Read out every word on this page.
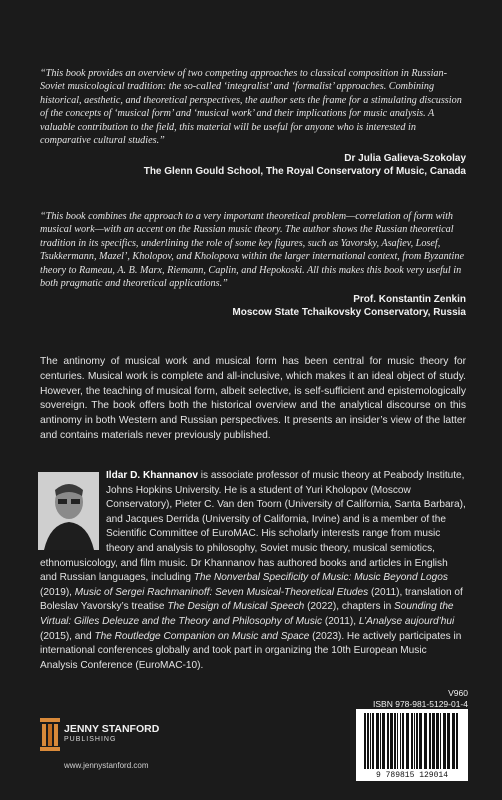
“This book provides an overview of two competing approaches to classical composition in Russian-Soviet musicological tradition: the so-called ‘integralist’ and ‘formalist’ approaches. Combining historical, aesthetic, and theoretical perspectives, the author sets the frame for a stimulating discussion of the concepts of ‘musical form’ and ‘musical work’ and their implications for music analysis. A valuable contribution to the field, this material will be useful for anyone who is interested in comparative cultural studies.”
Dr Julia Galieva-Szokolay
The Glenn Gould School, The Royal Conservatory of Music, Canada
“This book combines the approach to a very important theoretical problem—correlation of form with musical work—with an accent on the Russian music theory. The author shows the Russian theoretical tradition in its specifics, underlining the role of some key figures, such as Yavorsky, Asafiev, Losef, Tsukkermann, Mazel’, Kholopov, and Kholopova within the larger international context, from Byzantine theory to Rameau, A. B. Marx, Riemann, Caplin, and Hepokoski. All this makes this book very useful in both pragmatic and theoretical applications.”
Prof. Konstantin Zenkin
Moscow State Tchaikovsky Conservatory, Russia
The antinomy of musical work and musical form has been central for music theory for centuries. Musical work is complete and all-inclusive, which makes it an ideal object of study. However, the teaching of musical form, albeit selective, is self-sufficient and epistemologically sovereign. The book offers both the historical overview and the analytical discourse on this antinomy in both Western and Russian perspectives. It presents an insider’s view of the latter and contains materials never previously published.
Ildar D. Khannanov is associate professor of music theory at Peabody Institute, Johns Hopkins University. He is a student of Yuri Kholopov (Moscow Conservatory), Pieter C. Van den Toorn (University of California, Santa Barbara), and Jacques Derrida (University of California, Irvine) and is a member of the Scientific Committee of EuroMAC. His scholarly interests range from music theory and analysis to philosophy, Soviet music theory, musical semiotics, ethnomusicology, and film music. Dr Khannanov has authored books and articles in English and Russian languages, including The Nonverbal Specificity of Music: Music Beyond Logos (2019), Music of Sergei Rachmaninoff: Seven Musical-Theoretical Etudes (2011), translation of Boleslav Yavorsky’s treatise The Design of Musical Speech (2022), chapters in Sounding the Virtual: Gilles Deleuze and the Theory and Philosophy of Music (2011), L’Analyse aujourd’hui (2015), and The Routledge Companion on Music and Space (2023). He actively participates in international conferences globally and took part in organizing the 10th European Music Analysis Conference (EuroMAC-10).
JENNY STANFORD
PUBLISHING
www.jennystanford.com
V960
ISBN 978-981-5129-01-4
9 789815 129014
